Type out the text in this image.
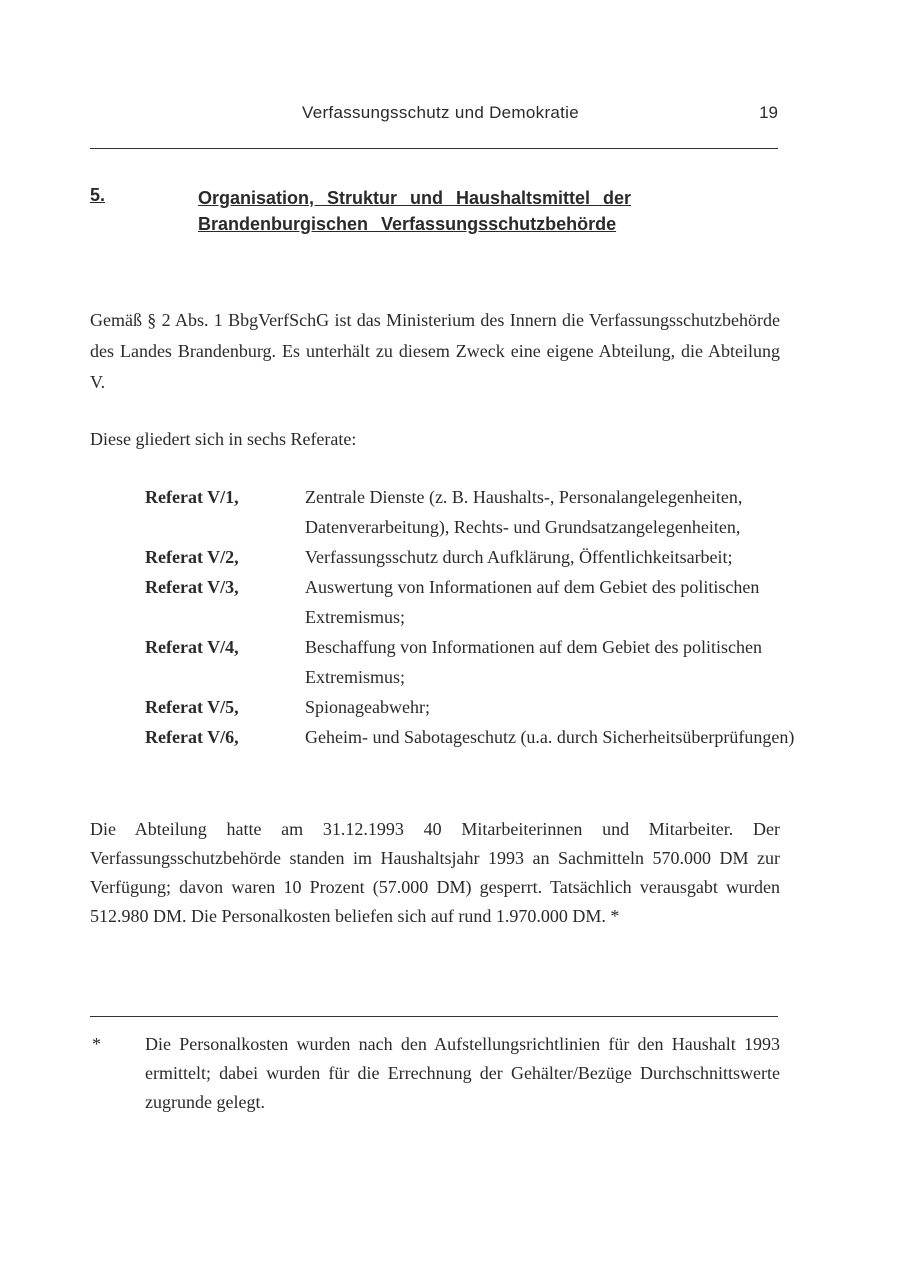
Verfassungsschutz und Demokratie	19
5.	Organisation, Struktur und Haushaltsmittel der Brandenburgischen Verfassungsschutzbehörde

Gemäß § 2 Abs. 1 BbgVerfSchG ist das Ministerium des Innern die Verfassungsschutzbehörde des Landes Brandenburg. Es unterhält zu diesem Zweck eine eigene Abteilung, die Abteilung V.

Diese gliedert sich in sechs Referate:

Referat V/1,	Zentrale Dienste (z. B. Haushalts-, Personalangelegenheiten, Datenverarbeitung), Rechts- und Grundsatzangelegenheiten,
Referat V/2,	Verfassungsschutz durch Aufklärung, Öffentlichkeitsarbeit;
Referat V/3,	Auswertung von Informationen auf dem Gebiet des politischen Extremismus;
Referat V/4,	Beschaffung von Informationen auf dem Gebiet des politischen Extremismus;
Referat V/5,	Spionageabwehr;
Referat V/6,	Geheim- und Sabotageschutz (u.a. durch Sicherheitsüberprüfungen)

Die Abteilung hatte am 31.12.1993 40 Mitarbeiterinnen und Mitarbeiter. Der Verfassungsschutzbehörde standen im Haushaltsjahr 1993 an Sachmitteln 570.000 DM zur Verfügung; davon waren 10 Prozent (57.000 DM) gesperrt. Tatsächlich verausgabt wurden 512.980 DM. Die Personalkosten beliefen sich auf rund 1.970.000 DM. *

* Die Personalkosten wurden nach den Aufstellungsrichtlinien für den Haushalt 1993 ermittelt; dabei wurden für die Errechnung der Gehälter/Bezüge Durchschnittswerte zugrunde gelegt.
